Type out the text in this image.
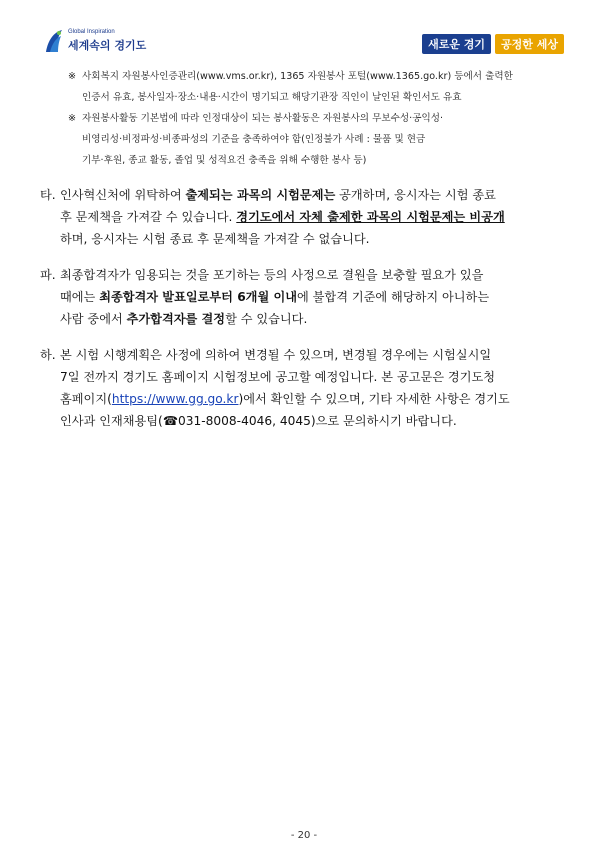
Global Inspiration
세계속의 경기도	새로운 경기	공정한 세상
※ 사회복지 자원봉사인증관리(www.vms.or.kr), 1365 자원봉사 포털(www.1365.go.kr) 등에서 출력한
인증서 유효, 봉사일자·장소·내용·시간이 명기되고 해당기관장 직인이 날인된 확인서도 유효
※ 자원봉사활동 기본법에 따라 인정대상이 되는 봉사활동은 자원봉사의 무보수성·공익성·
비영리성·비정파성·비종파성의 기준을 충족하여야 함(인정불가 사례 : 물품 및 현금
기부·후원, 종교 활동, 졸업 및 성적요건 충족을 위해 수행한 봉사 등)
타. 인사혁신처에 위탁하여 출제되는 과목의 시험문제는 공개하며, 응시자는 시험 종료
후 문제책을 가져갈 수 있습니다. 경기도에서 자체 출제한 과목의 시험문제는 비공개
하며, 응시자는 시험 종료 후 문제책을 가져갈 수 없습니다.
파. 최종합격자가 임용되는 것을 포기하는 등의 사정으로 결원을 보충할 필요가 있을
때에는 최종합격자 발표일로부터 6개월 이내에 불합격 기준에 해당하지 아니하는
사람 중에서 추가합격자를 결정할 수 있습니다.
하. 본 시험 시행계획은 사정에 의하여 변경될 수 있으며, 변경될 경우에는 시험실시일
7일 전까지 경기도 홈페이지 시험정보에 공고할 예정입니다. 본 공고문은 경기도청
홈페이지(https://www.gg.go.kr)에서 확인할 수 있으며, 기타 자세한 사항은 경기도
인사과 인재채용팀(☎031-8008-4046, 4045)으로 문의하시기 바랍니다.
- 20 -
